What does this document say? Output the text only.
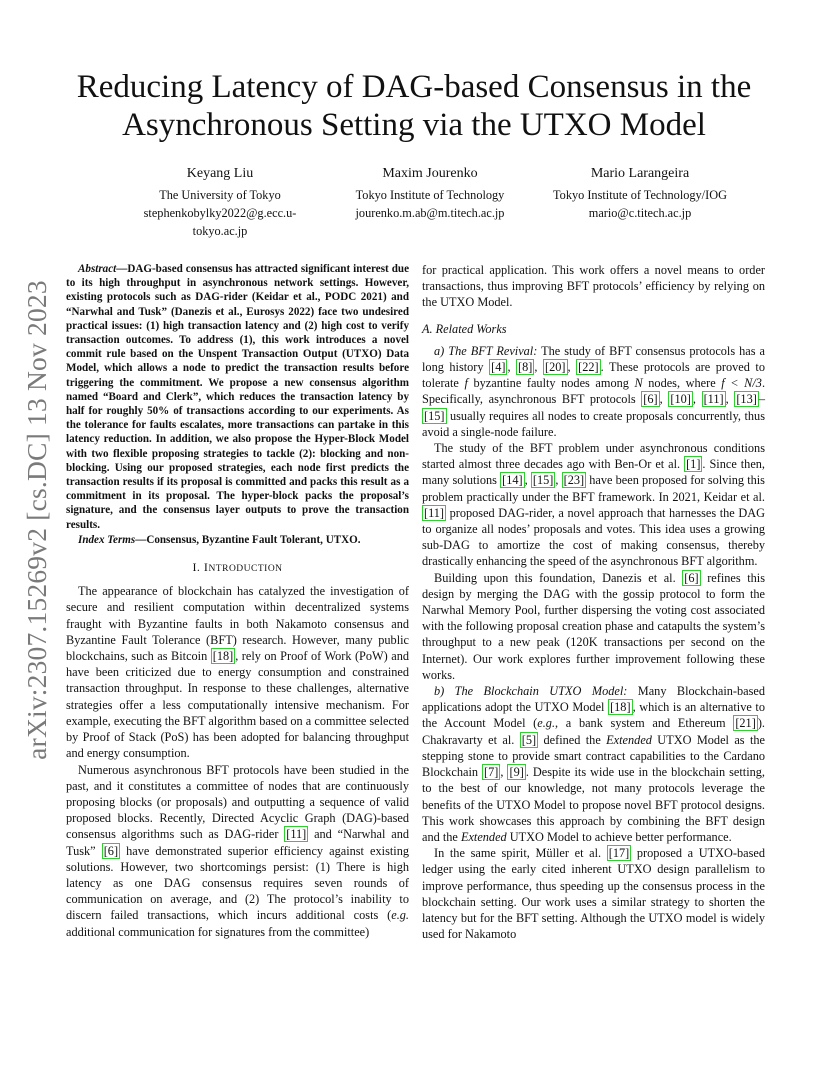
arXiv:2307.15269v2 [cs.DC] 13 Nov 2023
Reducing Latency of DAG-based Consensus in the Asynchronous Setting via the UTXO Model
Keyang Liu
The University of Tokyo
stephenkobylky2022@g.ecc.u-tokyo.ac.jp
Maxim Jourenko
Tokyo Institute of Technology
jourenko.m.ab@m.titech.ac.jp
Mario Larangeira
Tokyo Institute of Technology/IOG
mario@c.titech.ac.jp

Abstract—DAG-based consensus has attracted significant interest due to its high throughput in asynchronous network settings. However, existing protocols such as DAG-rider (Keidar et al., PODC 2021) and “Narwhal and Tusk” (Danezis et al., Eurosys 2022) face two undesired practical issues: (1) high transaction latency and (2) high cost to verify transaction outcomes. To address (1), this work introduces a novel commit rule based on the Unspent Transaction Output (UTXO) Data Model, which allows a node to predict the transaction results before triggering the commitment. We propose a new consensus algorithm named “Board and Clerk”, which reduces the transaction latency by half for roughly 50% of transactions according to our experiments. As the tolerance for faults escalates, more transactions can partake in this latency reduction. In addition, we also propose the Hyper-Block Model with two flexible proposing strategies to tackle (2): blocking and non-blocking. Using our proposed strategies, each node first predicts the transaction results if its proposal is committed and packs this result as a commitment in its proposal. The hyper-block packs the proposal’s signature, and the consensus layer outputs to prove the transaction results.

Index Terms—Consensus, Byzantine Fault Tolerant, UTXO.

I. INTRODUCTION

The appearance of blockchain has catalyzed the investigation of secure and resilient computation within decentralized systems fraught with Byzantine faults in both Nakamoto consensus and Byzantine Fault Tolerance (BFT) research. However, many public blockchains, such as Bitcoin [18] , rely on Proof of Work (PoW) and have been criticized due to energy consumption and constrained transaction throughput. In response to these challenges, alternative strategies offer a less computationally intensive mechanism. For example, executing the BFT algorithm based on a committee selected by Proof of Stack (PoS) has been adopted for balancing throughput and energy consumption.

Numerous asynchronous BFT protocols have been studied in the past, and it constitutes a committee of nodes that are continuously proposing blocks (or proposals) and outputting a sequence of valid proposed blocks. Recently, Directed Acyclic Graph (DAG)-based consensus algorithms such as DAG-rider [11] and “Narwhal and Tusk” [6] have demonstrated superior efficiency against existing solutions. However, two shortcomings persist: (1) There is high latency as one DAG consensus requires seven rounds of communication on average, and (2) The protocol’s inability to discern failed transactions, which incurs additional costs (e.g. additional communication for signatures from the committee)

for practical application. This work offers a novel means to order transactions, thus improving BFT protocols’ efficiency by relying on the UTXO Model.

A. Related Works

a) The BFT Revival: The study of BFT consensus protocols has a long history [4] , [8] , [20] , [22] . These protocols are proved to tolerate f byzantine faulty nodes among N nodes, where f < N/3. Specifically, asynchronous BFT protocols [6] , [10] , [11] , [13] –[15] usually requires all nodes to create proposals concurrently, thus avoid a single-node failure.

The study of the BFT problem under asynchronous conditions started almost three decades ago with Ben-Or et al. [1] . Since then, many solutions [14] , [15] , [23] have been proposed for solving this problem practically under the BFT framework. In 2021, Keidar et al. [11] proposed DAG-rider, a novel approach that harnesses the DAG to organize all nodes’ proposals and votes. This idea uses a growing sub-DAG to amortize the cost of making consensus, thereby drastically enhancing the speed of the asynchronous BFT algorithm.

Building upon this foundation, Danezis et al. [6] refines this design by merging the DAG with the gossip protocol to form the Narwhal Memory Pool, further dispersing the voting cost associated with the following proposal creation phase and catapults the system’s throughput to a new peak (120K transactions per second on the Internet). Our work explores further improvement following these works.

b) The Blockchain UTXO Model: Many Blockchain-based applications adopt the UTXO Model [18] , which is an alternative to the Account Model (e.g., a bank system and Ethereum [21] ). Chakravarty et al. [5] defined the Extended UTXO Model as the stepping stone to provide smart contract capabilities to the Cardano Blockchain [7] , [9] . Despite its wide use in the blockchain setting, to the best of our knowledge, not many protocols leverage the benefits of the UTXO Model to propose novel BFT protocol designs. This work showcases this approach by combining the BFT design and the Extended UTXO Model to achieve better performance.

In the same spirit, Müller et al. [17] proposed a UTXO-based ledger using the early cited inherent UTXO design parallelism to improve performance, thus speeding up the consensus process in the blockchain setting. Our work uses a similar strategy to shorten the latency but for the BFT setting. Although the UTXO model is widely used for Nakamoto
